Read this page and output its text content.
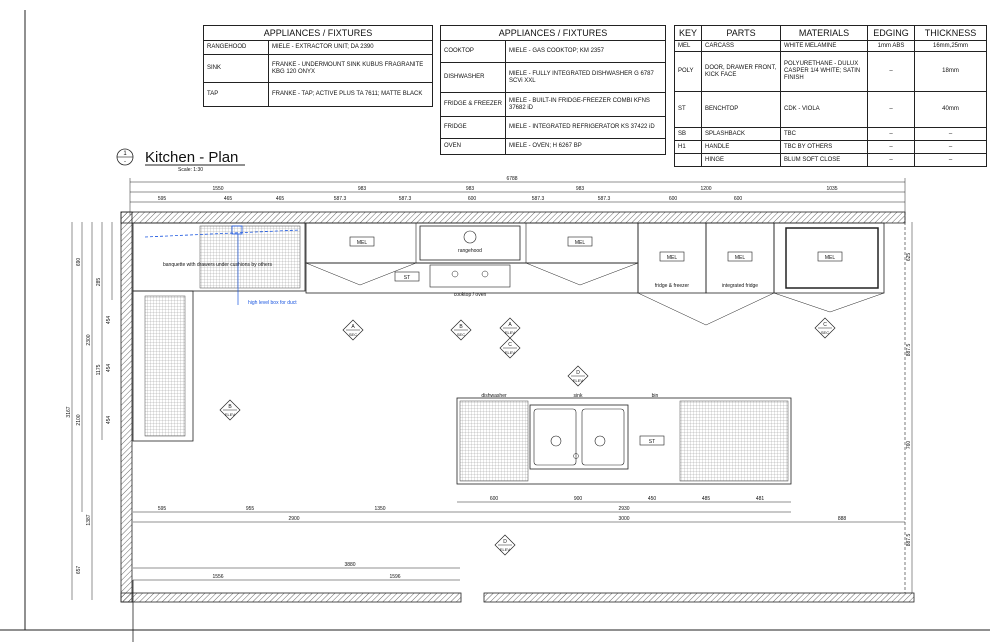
APPLIANCES / FIXTURES	
RANGEHOOD	MIELE - EXTRACTOR UNIT; DA 2390
SINK	FRANKE - UNDERMOUNT SINK KUBUS FRAGRANITE KBG 120 ONYX
TAP	FRANKE - TAP; ACTIVE PLUS TA 7611; MATTE BLACK
APPLIANCES / FIXTURES	
COOKTOP	MIELE - GAS COOKTOP; KM 2357
DISHWASHER	MIELE - FULLY INTEGRATED DISHWASHER G 6787 SCVi XXL
FRIDGE & FREEZER	MIELE - BUILT-IN FRIDGE-FREEZER COMBI KFNS 37682 iD
FRIDGE	MIELE - INTEGRATED REFRIGERATOR KS 37422 iD
OVEN	MIELE - OVEN; H 6267 BP
KEY	PARTS	MATERIALS	EDGING	THICKNESS
MEL	CARCASS	WHITE MELAMINE	1mm ABS	16mm,25mm
POLY	DOOR, DRAWER FRONT, KICK FACE	POLYURETHANE - DULUX CASPER 1/4 WHITE; SATIN FINISH	–	18mm
ST	BENCHTOP	CDK - VIOLA	–	40mm
SB	SPLASHBACK	TBC	–	–
H1	HANDLE	TBC BY OTHERS	–	–
	HINGE	BLUM SOFT CLOSE	–	–
1
- Kitchen - Plan
Scale: 1:30
6788
1550	983	983	983	1200	1035
595	465	465	587.3	587.3	600	587.3	587.3	600	600
banquette with drawers under cushions by others
high level box for duct
MEL	MEL
rangehood
cooktop / oven
ST
MEL	MEL	MEL
fridge & freezer	integrated fridge
ST
dishwasher	sink	bin
A
SEC
B
SEC
A
ELEV
C
ELEV
C
SEC
B
ELEV
D
ELEV
D
ELEV
595	955	1350
600	900	450	485	481
2900
2930
888
3000
3880
1556	1596
3167
2300
2100
1387
657
690
285
454
1175 454
454
625
887.5
760
887.5
